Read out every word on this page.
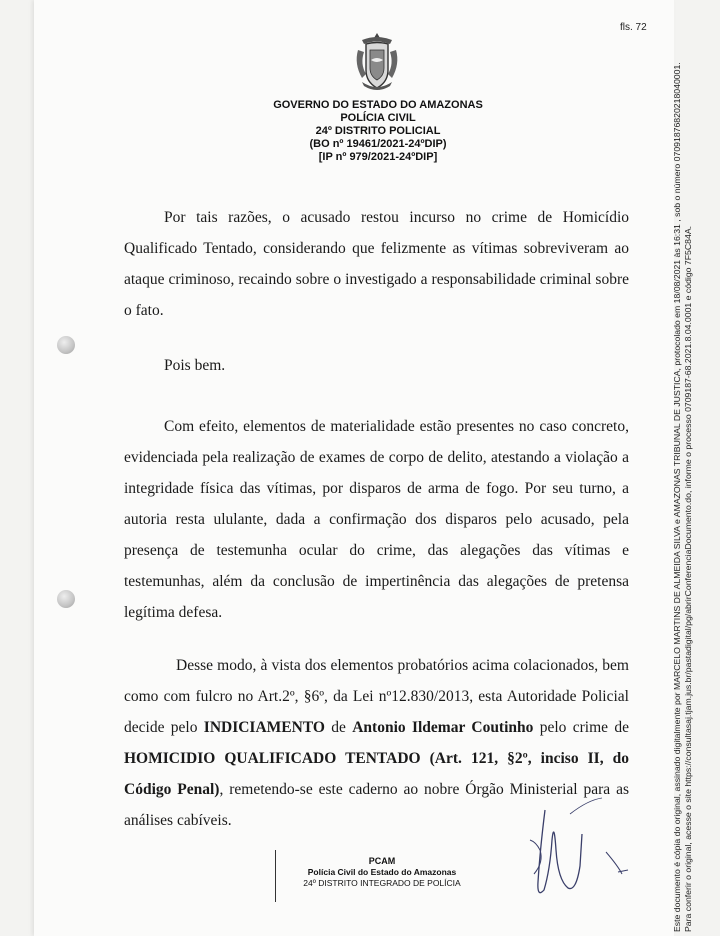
fls. 72
GOVERNO DO ESTADO DO AMAZONAS
POLÍCIA CIVIL
24º DISTRITO POLICIAL
(BO nº 19461/2021-24ºDIP)
[IP nº 979/2021-24ºDIP]
Por tais razões, o acusado restou incurso no crime de Homicídio Qualificado Tentado, considerando que felizmente as vítimas sobreviveram ao ataque criminoso, recaindo sobre o investigado a responsabilidade criminal sobre o fato.
Pois bem.
Com efeito, elementos de materialidade estão presentes no caso concreto, evidenciada pela realização de exames de corpo de delito, atestando a violação a integridade física das vítimas, por disparos de arma de fogo. Por seu turno, a autoria resta ululante, dada a confirmação dos disparos pelo acusado, pela presença de testemunha ocular do crime, das alegações das vítimas e testemunhas, além da conclusão de impertinência das alegações de pretensa legítima defesa.
Desse modo, à vista dos elementos probatórios acima colacionados, bem como com fulcro no Art.2º, §6º, da Lei nº12.830/2013, esta Autoridade Policial decide pelo INDICIAMENTO de Antonio Ildemar Coutinho pelo crime de HOMICIDIO QUALIFICADO TENTADO (Art. 121, §2º, inciso II, do Código Penal), remetendo-se este caderno ao nobre Órgão Ministerial para as análises cabíveis.
PCAM
Polícia Civil do Estado do Amazonas
24º DISTRITO INTEGRADO DE POLÍCIA	Este documento é cópia do original, assinado digitalmente por MARCELO MARTINS DE ALMEIDA SILVA e AMAZONAS TRIBUNAL DE JUSTICA, protocolado em 18/08/2021 às 16:31 , sob o número 07091876820218040001. Para conferir o original, acesse o site https://consultasaj.tjam.jus.br/pastadigital/pg/abrirConferenciaDocumento.do, informe o processo 0709187-68.2021.8.04.0001 e código 7F5C84A.
